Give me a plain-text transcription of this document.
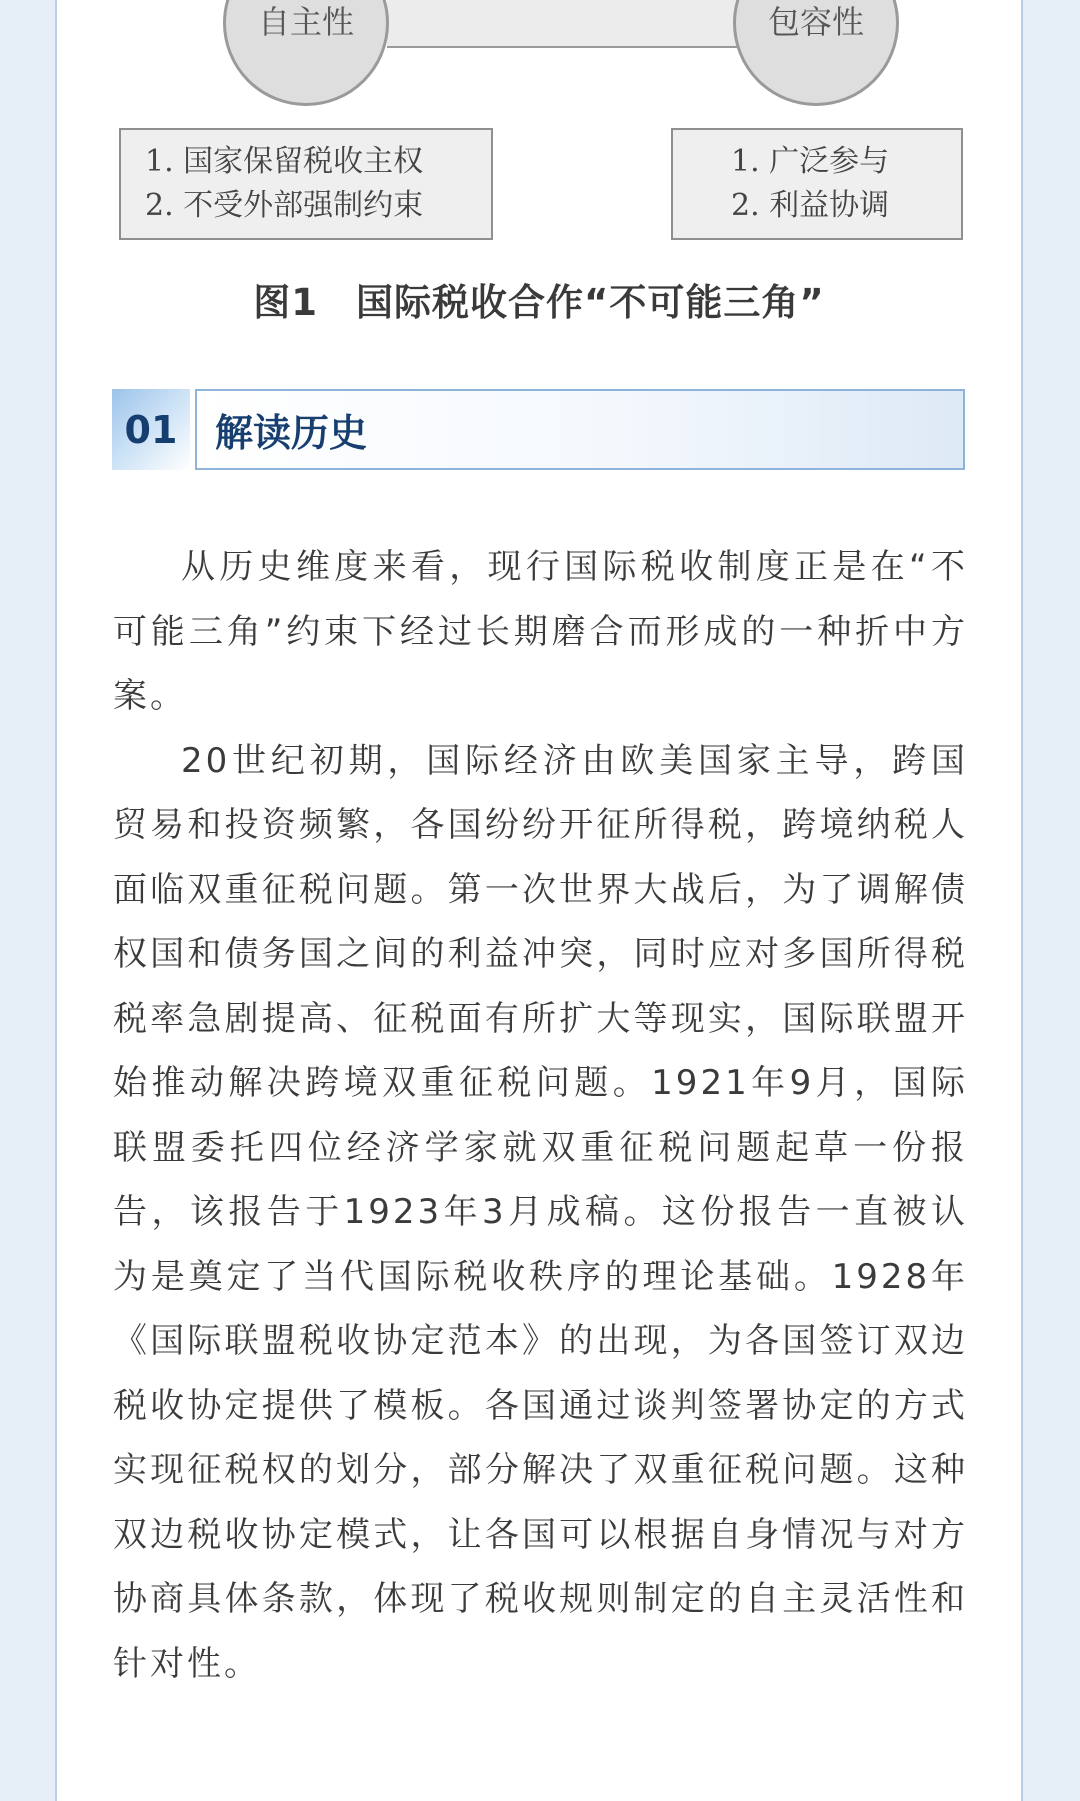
自主性	包容性
1. 国家保留税收主权
2. 不受外部强制约束
1. 广泛参与
2. 利益协调
图1　国际税收合作“不可能三角”
01 解读历史

从历史维度来看，现行国际税收制度正是在“不可能三角”约束下经过长期磨合而形成的一种折中方案。

20世纪初期，国际经济由欧美国家主导，跨国贸易和投资频繁，各国纷纷开征所得税，跨境纳税人面临双重征税问题。第一次世界大战后，为了调解债权国和债务国之间的利益冲突，同时应对多国所得税税率急剧提高、征税面有所扩大等现实，国际联盟开始推动解决跨境双重征税问题。1921年9月，国际联盟委托四位经济学家就双重征税问题起草一份报告，该报告于1923年3月成稿。这份报告一直被认为是奠定了当代国际税收秩序的理论基础。1928年《国际联盟税收协定范本》的出现，为各国签订双边税收协定提供了模板。各国通过谈判签署协定的方式实现征税权的划分，部分解决了双重征税问题。这种双边税收协定模式，让各国可以根据自身情况与对方协商具体条款，体现了税收规则制定的自主灵活性和针对性。
